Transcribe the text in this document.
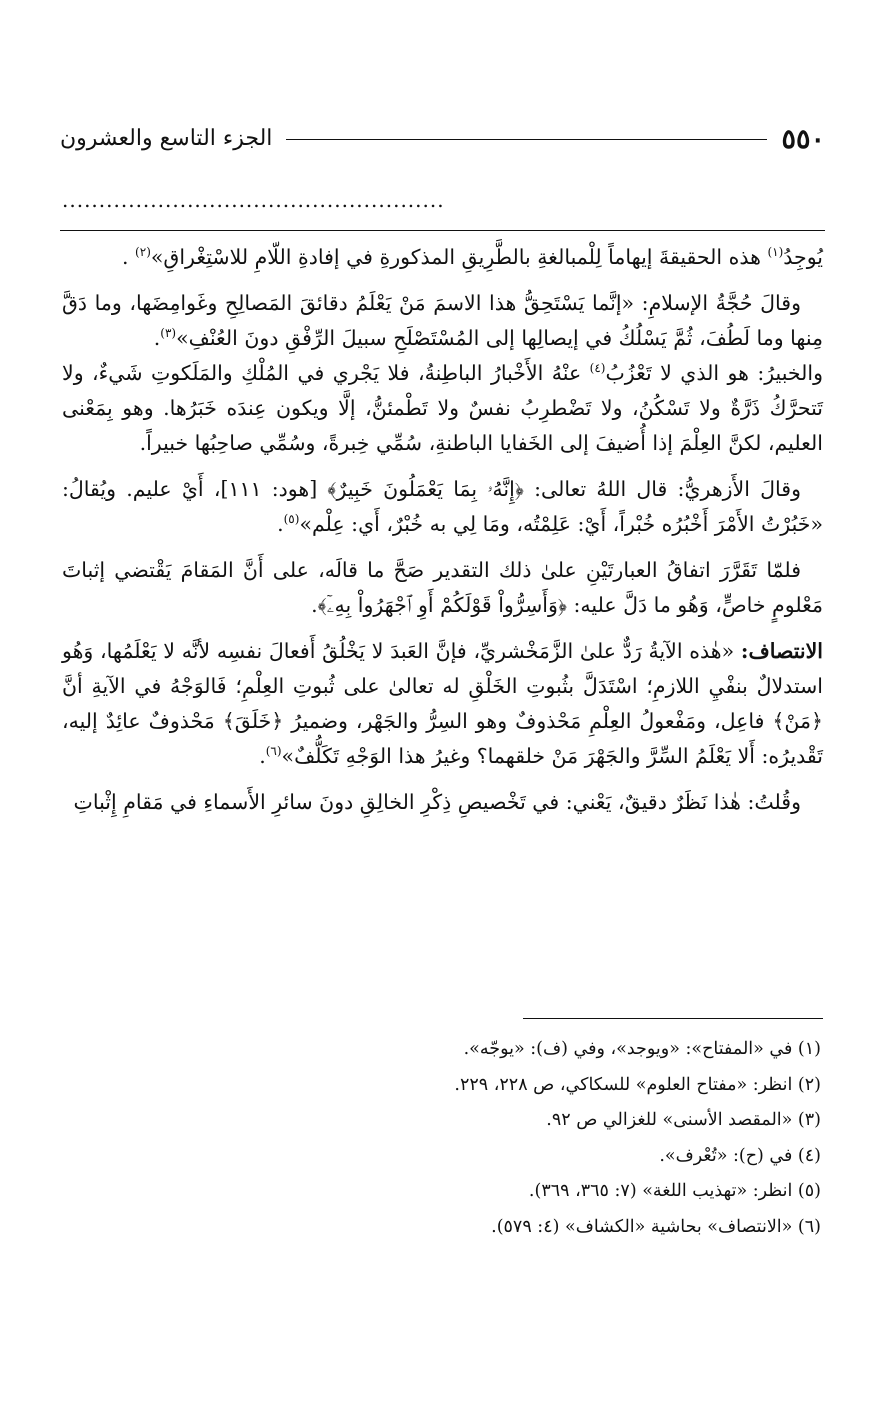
٥٥٠
الجزء التاسع والعشرون
....................................................

يُوجِدُ$^{(١)}$ هذه الحقيقةَ إيهاماً لِلْمبالغةِ بالطَّرِيقِ المذكورةِ في إفادةِ اللّامِ للاسْتِغْراقِ»$^{(٢)}$ .

وقالَ حُجَّةُ الإسلامِ: «إنَّما يَسْتَحِقُّ هذا الاسمَ مَنْ يَعْلَمُ دقائقَ المَصالِحِ وغَوامِضَها، وما دَقَّ مِنها وما لَطُفَ، ثُمَّ يَسْلُكُ في إيصالِها إلى المُسْتَصْلَحِ سبيلَ الرِّفْقِ دونَ العُنْفِ»$^{(٣)}$.

والخبيرُ: هو الذي لا تَعْزُبُ$^{(٤)}$ عنْهُ الأَخْبارُ الباطِنةُ، فلا يَجْري في المُلْكِ والمَلَكوتِ شَيءٌ، ولا تَتحرَّكُ ذَرَّةٌ ولا تَسْكُنُ، ولا تَضْطرِبُ نفسٌ ولا تَطْمئنُّ، إلَّا ويكون عِندَه خَبَرُها. وهو بِمَعْنى العليم، لكنَّ العِلْمَ إذا أُضيفَ إلى الخَفايا الباطنةِ، سُمِّي خِبرةً، وسُمِّي صاحِبُها خبيراً.

وقالَ الأَزهريُّ: قال اللهُ تعالى: ﴿إِنَّهُۥ بِمَا يَعْمَلُونَ خَبِيرٌ﴾ [هود: ١١١]، أَيْ عليم. ويُقالُ: «خَبُرْتُ الأَمْرَ أَخْبُرُه خُبْراً، أَيْ: عَلِمْتُه، ومَا لِي به خُبْرٌ، أَي: عِلْم»$^{(٥)}$.

فلمّا تَقَرَّرَ اتفاقُ العبارتَيْنِ علىٰ ذلك التقدير صَحَّ ما قالَه، على أَنَّ المَقامَ يَقْتضي إثباتَ مَعْلومٍ خاصٍّ، وَهُو ما دَلَّ عليه: ﴿وَأَسِرُّواْ قَوْلَكُمْ أَوِ ٱجْهَرُواْ بِهِۦٓ﴾.

الانتصاف: «هٰذه الآيةُ رَدٌّ علىٰ الزَّمَخْشريِّ، فإنَّ العَبدَ لا يَخْلُقُ أَفعالَ نفسِه لأنَّه لا يَعْلَمُها، وَهُو استدلالٌ بنفْيِ اللازمِ؛ اسْتَدَلَّ بثُبوتِ الخَلْقِ له تعالىٰ على ثُبوتِ العِلْمِ؛ فَالوَجْهُ في الآيةِ أنَّ ﴿مَنْ﴾ فاعِل، ومَفْعولُ العِلْمِ مَحْذوفٌ وهو السِرُّ والجَهْر، وضميرُ ﴿خَلَقَ﴾ مَحْذوفٌ عائِدٌ إليه، تَقْديرُه: أَلا يَعْلَمُ السِّرَّ والجَهْرَ مَنْ خلقهما؟ وغيرُ هذا الوَجْهِ تَكَلُّفٌ»$^{(٦)}$.

وقُلتُ: هٰذا نَظَرٌ دقيقٌ، يَعْني: في تَخْصيصِ ذِكْرِ الخالِقِ دونَ سائرِ الأَسماءِ في مَقامِ إِثْباتِ

(١) في «المفتاح»: «ويوجد»، وفي (ف): «يوجّه».
(٢) انظر: «مفتاح العلوم» للسكاكي، ص ٢٢٨، ٢٢٩.
(٣) «المقصد الأسنى» للغزالي ص ٩٢.
(٤) في (ح): «تُعْرف».
(٥) انظر: «تهذيب اللغة» (٧: ٣٦٥، ٣٦٩).
(٦) «الانتصاف» بحاشية «الكشاف» (٤: ٥٧٩).
